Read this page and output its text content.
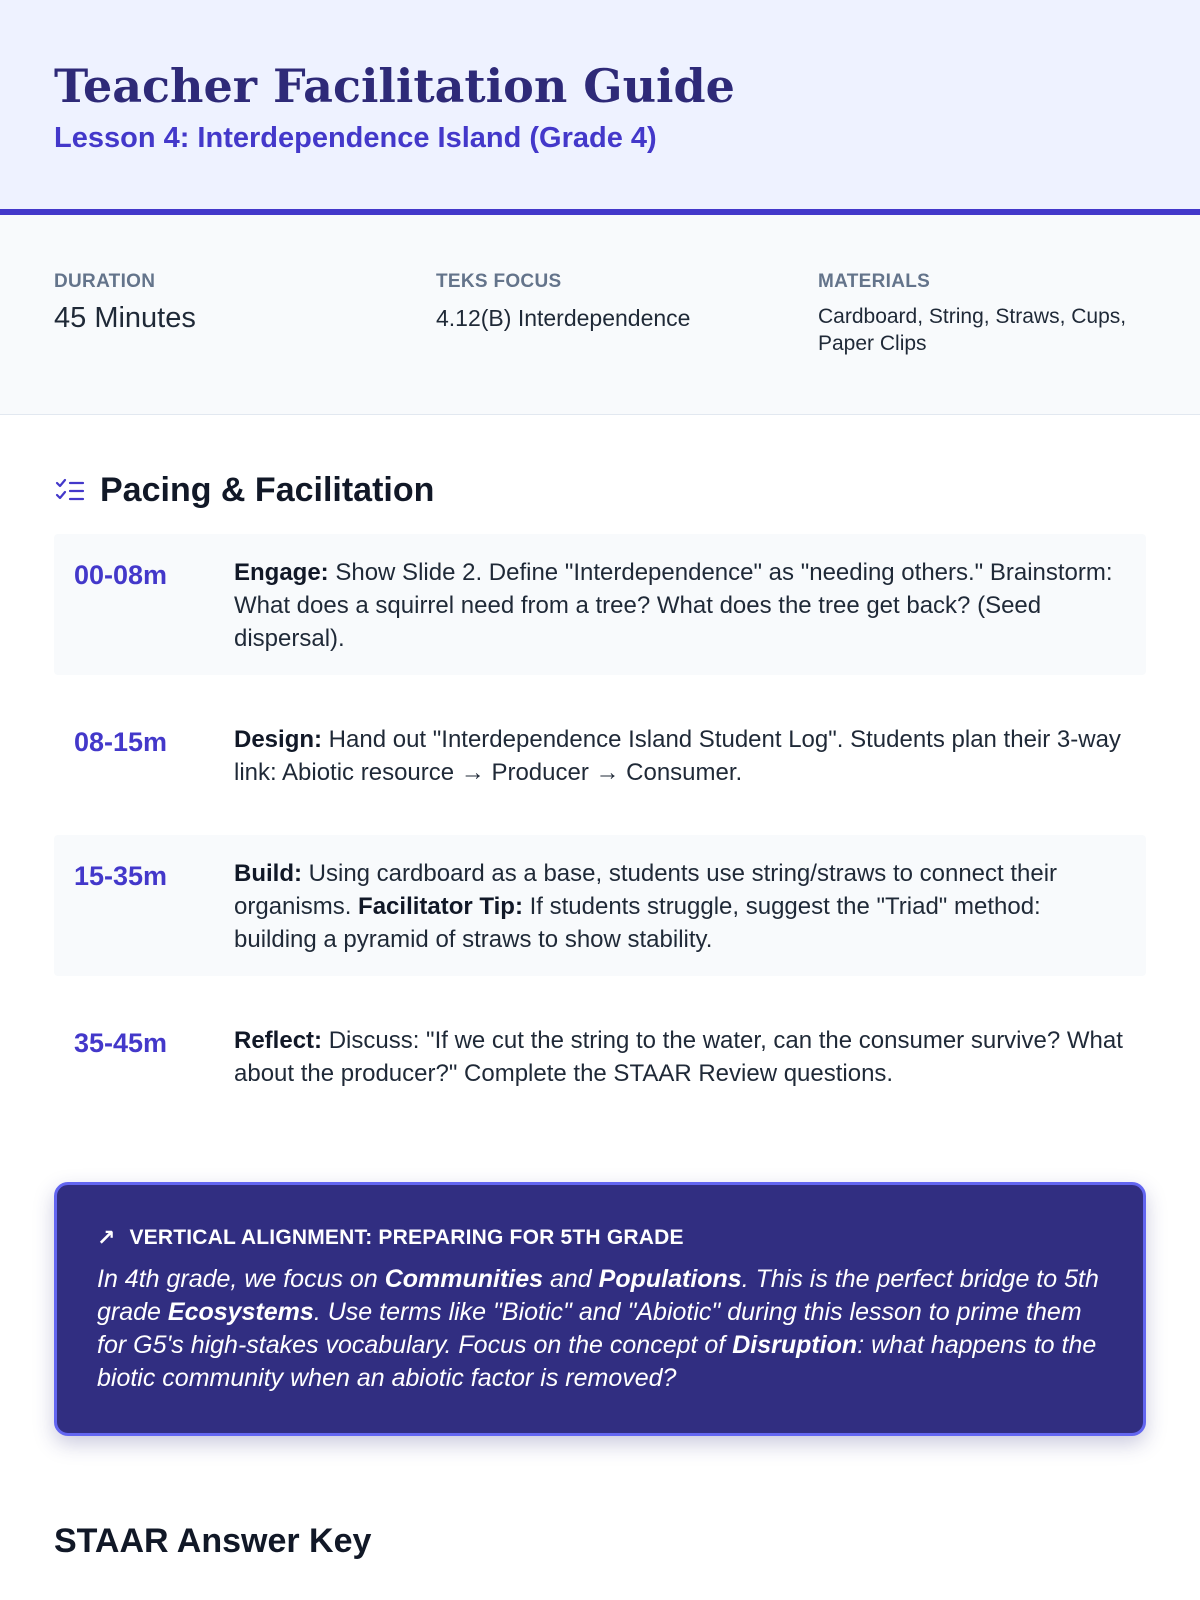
Teacher Facilitation Guide
Lesson 4: Interdependence Island (Grade 4)
DURATION
45 Minutes
TEKS FOCUS
4.12(B) Interdependence
MATERIALS
Cardboard, String, Straws, Cups, Paper Clips
Pacing & Facilitation
00-08m	Engage: Show Slide 2. Define "Interdependence" as "needing others." Brainstorm: What does a squirrel need from a tree? What does the tree get back? (Seed dispersal).
08-15m	Design: Hand out "Interdependence Island Student Log". Students plan their 3-way link: Abiotic resource → Producer → Consumer.
15-35m	Build: Using cardboard as a base, students use string/straws to connect their organisms. Facilitator Tip: If students struggle, suggest the "Triad" method: building a pyramid of straws to show stability.
35-45m	Reflect: Discuss: "If we cut the string to the water, can the consumer survive? What about the producer?" Complete the STAAR Review questions.
↗ VERTICAL ALIGNMENT: PREPARING FOR 5TH GRADE
In 4th grade, we focus on Communities and Populations. This is the perfect bridge to 5th grade Ecosystems. Use terms like "Biotic" and "Abiotic" during this lesson to prime them for G5's high-stakes vocabulary. Focus on the concept of Disruption: what happens to the biotic community when an abiotic factor is removed?
STAAR Answer Key
